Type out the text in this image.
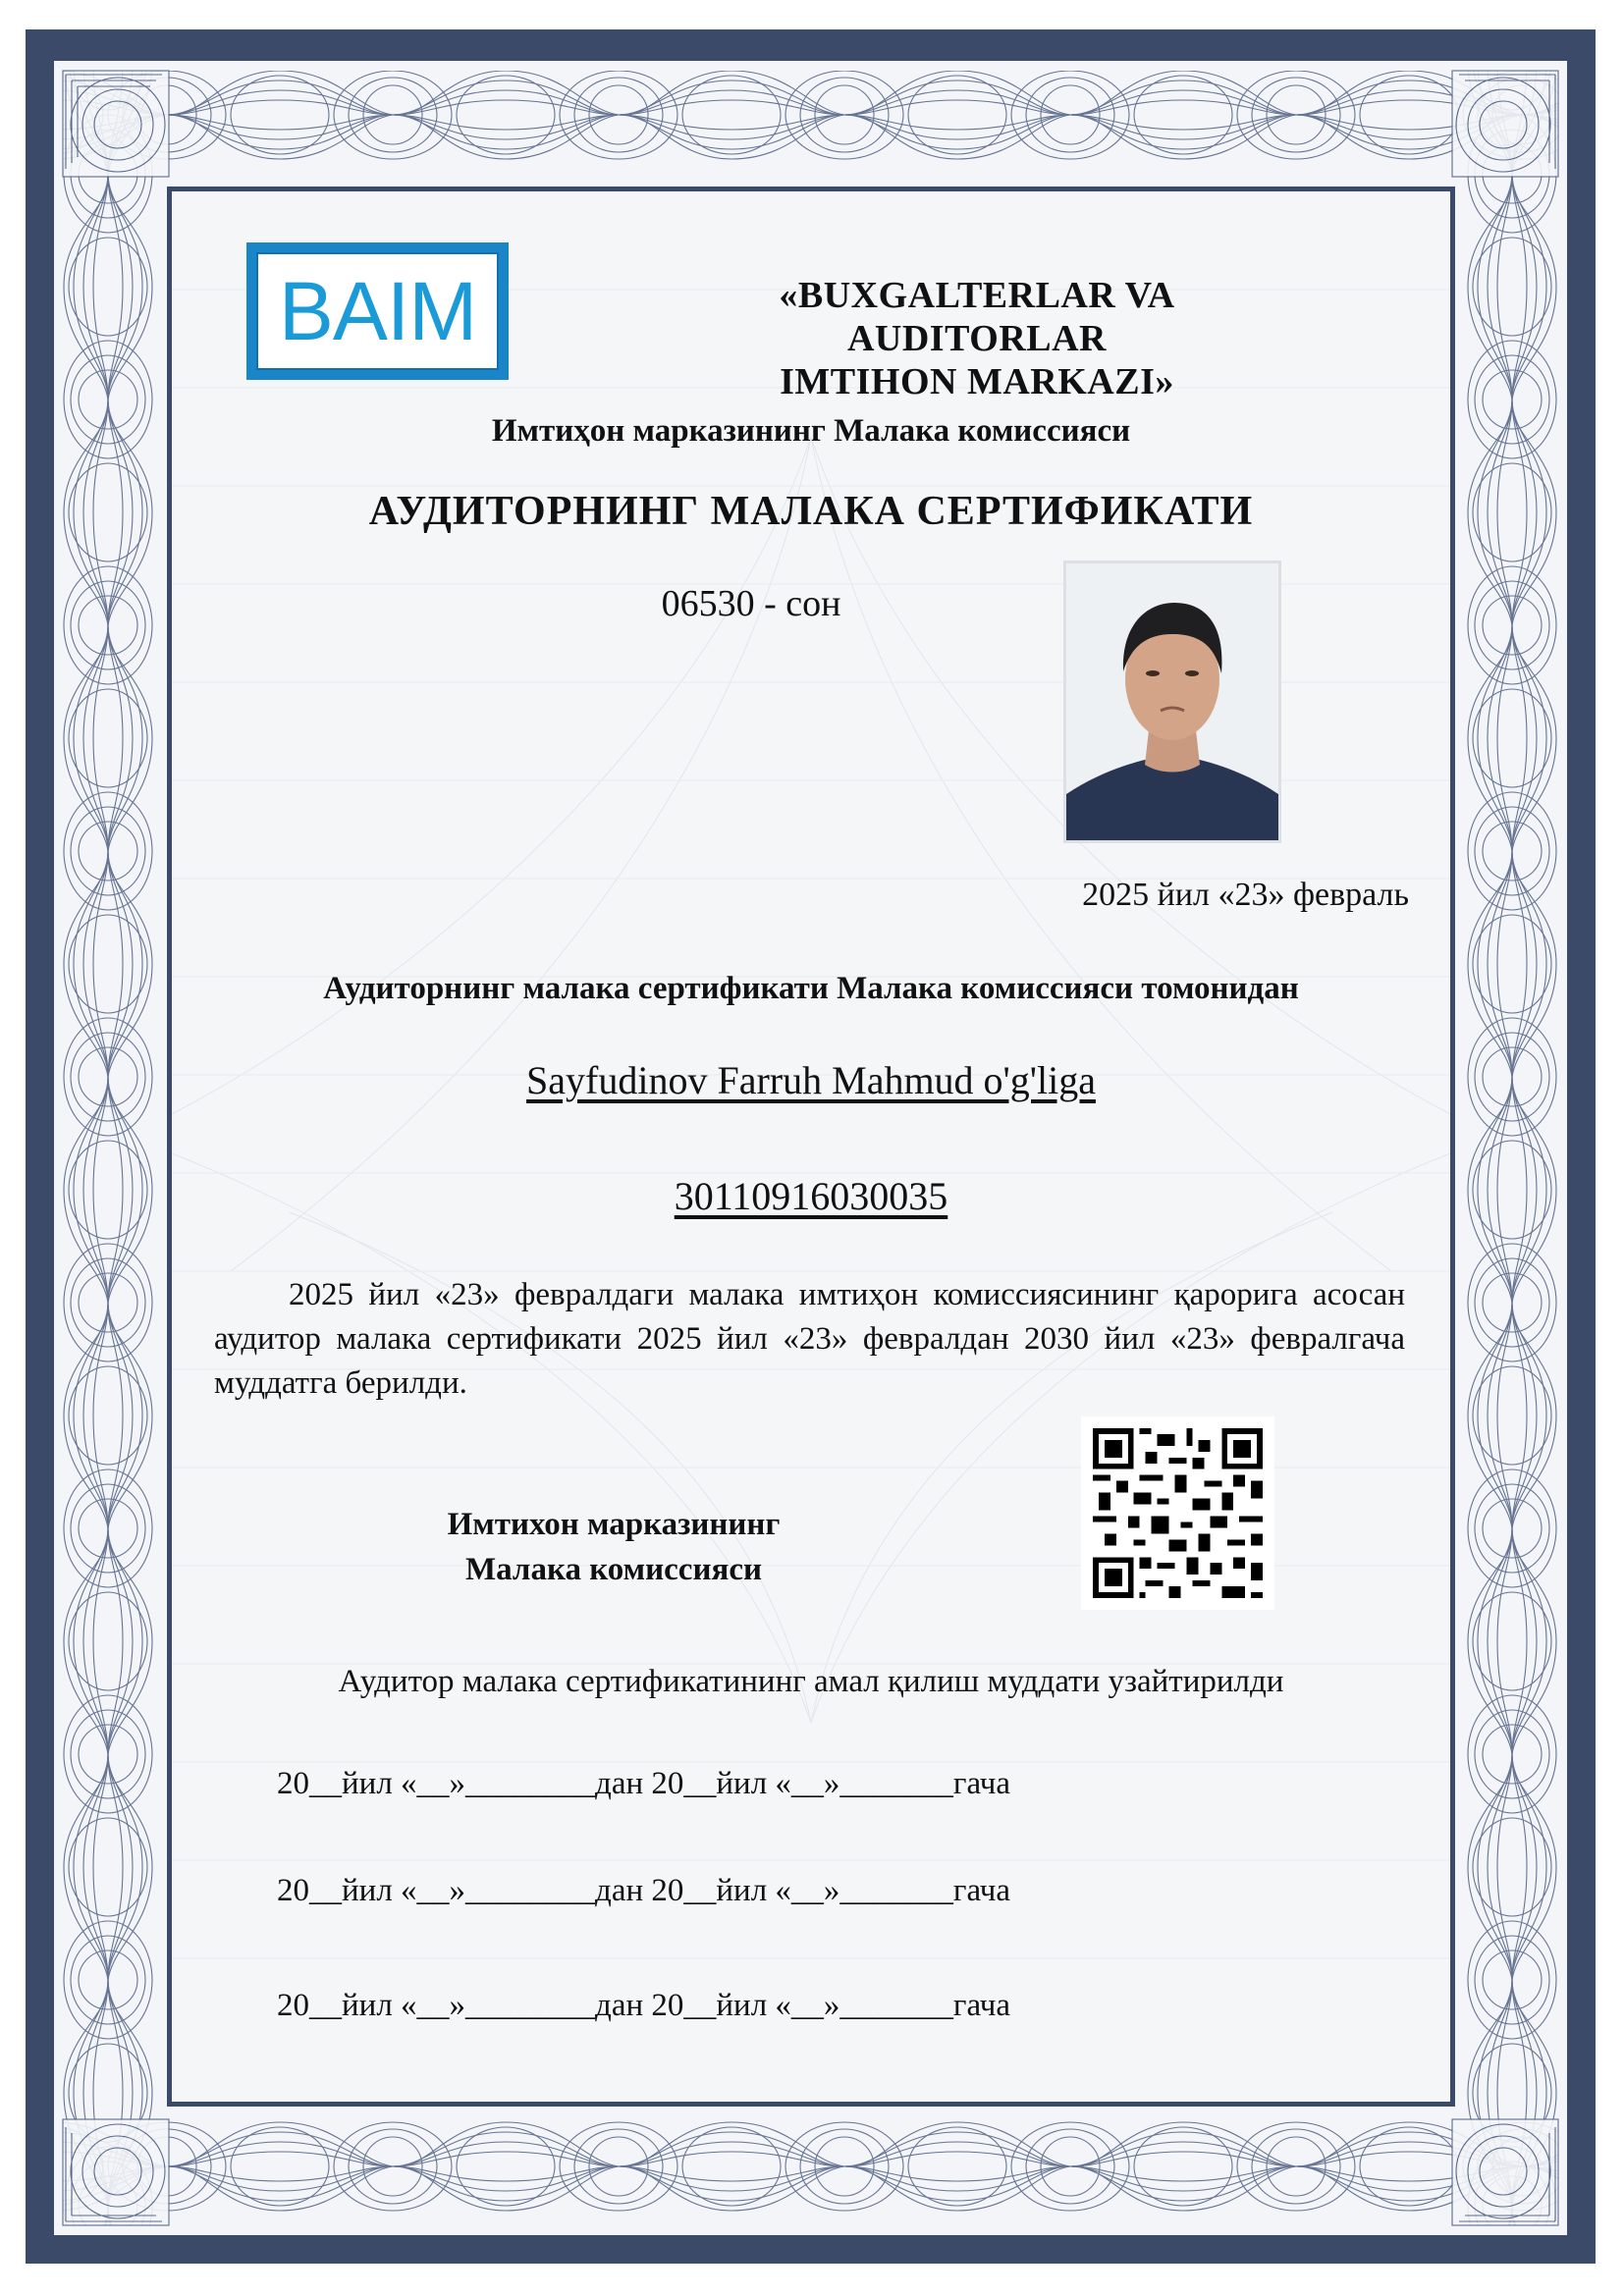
BAIM	«BUXGALTERLAR VA AUDITORLAR
IMTIHON MARKAZI»
Имтиҳон марказининг Малака комиссияси
АУДИТОРНИНГ МАЛАКА СЕРТИФИКАТИ
06530 - сон
2025 йил «23» февраль
Аудиторнинг малака сертификати Малака комиссияси томонидан
Sayfudinov Farruh Mahmud o'g'liga
30110916030035
2025 йил «23» февралдаги малака имтиҳон комиссиясининг қарорига асосан аудитор малака сертификати 2025 йил «23» февралдан 2030 йил «23» февралгача муддатга берилди.
Имтихон марказининг
Малака комиссияси
Аудитор малака сертификатининг амал қилиш муддати узайтирилди
20__йил «__»________дан 20__йил «__»_______гача
20__йил «__»________дан 20__йил «__»_______гача
20__йил «__»________дан 20__йил «__»_______гача
